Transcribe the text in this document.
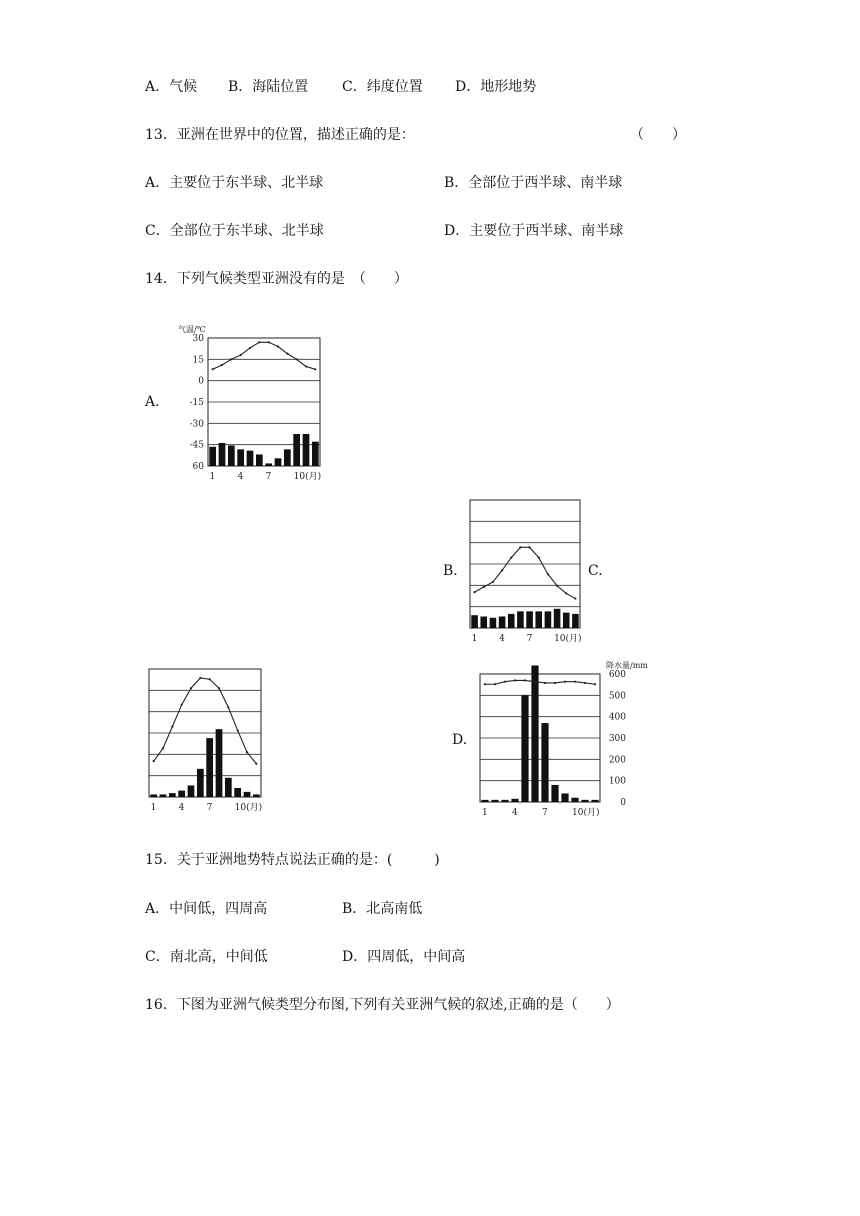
A．气候 B．海陆位置 C．纬度位置 D．地形地势
13．亚洲在世界中的位置，描述正确的是：	（　　）
A．主要位于东半球、北半球	B．全部位于西半球、南半球
C．全部位于东半球、北半球	D．主要位于西半球、南半球
14．下列气候类型亚洲没有的是　（　　）
A.
B.	C.
D.
1 4 7 10(月)
30
15
0
-15
-30
-45
60
气温/℃
1 4 7 10(月)
1 4 7 10(月)	1	4	7	10(月)
600
500
400
300
200
100
0
降水量/mm
15．关于亚洲地势特点说法正确的是：(　　　)
A．中间低，四周高	B．北高南低
C．南北高，中间低	D．四周低，中间高
16．下图为亚洲气候类型分布图,下列有关亚洲气候的叙述,正确的是（　　）
